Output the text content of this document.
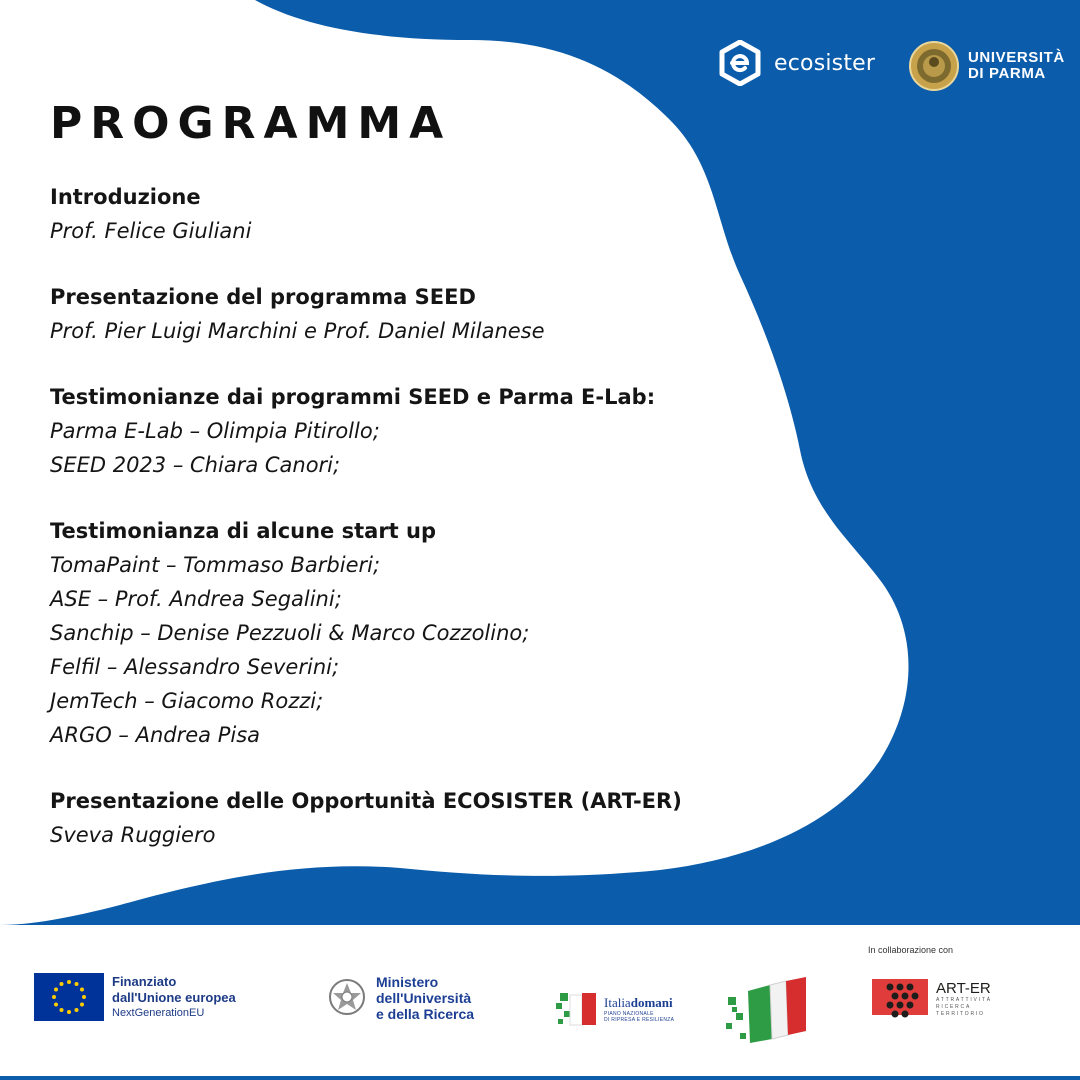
ecosister	UNIVERSITÀ
DI PARMA
PROGRAMMA
Introduzione
Prof. Felice Giuliani
Presentazione del programma SEED
Prof. Pier Luigi Marchini e Prof. Daniel Milanese
Testimonianze dai programmi SEED e Parma E-Lab:
Parma E-Lab – Olimpia Pitirollo;
SEED 2023 – Chiara Canori;
Testimonianza di alcune start up
TomaPaint – Tommaso Barbieri;
ASE – Prof. Andrea Segalini;
Sanchip – Denise Pezzuoli & Marco Cozzolino;
Felfil – Alessandro Severini;
JemTech – Giacomo Rozzi;
ARGO – Andrea Pisa
Presentazione delle Opportunità ECOSISTER (ART-ER)
Sveva Ruggiero
In collaborazione con
Finanziato
dall'Unione europea
NextGenerationEU
Ministero
dell'Università
e della Ricerca
Italiadomani
PIANO NAZIONALE
DI RIPRESA E RESILIENZA
ART-ER
ATTRATTIVITÀ
RICERCA
TERRITORIO
